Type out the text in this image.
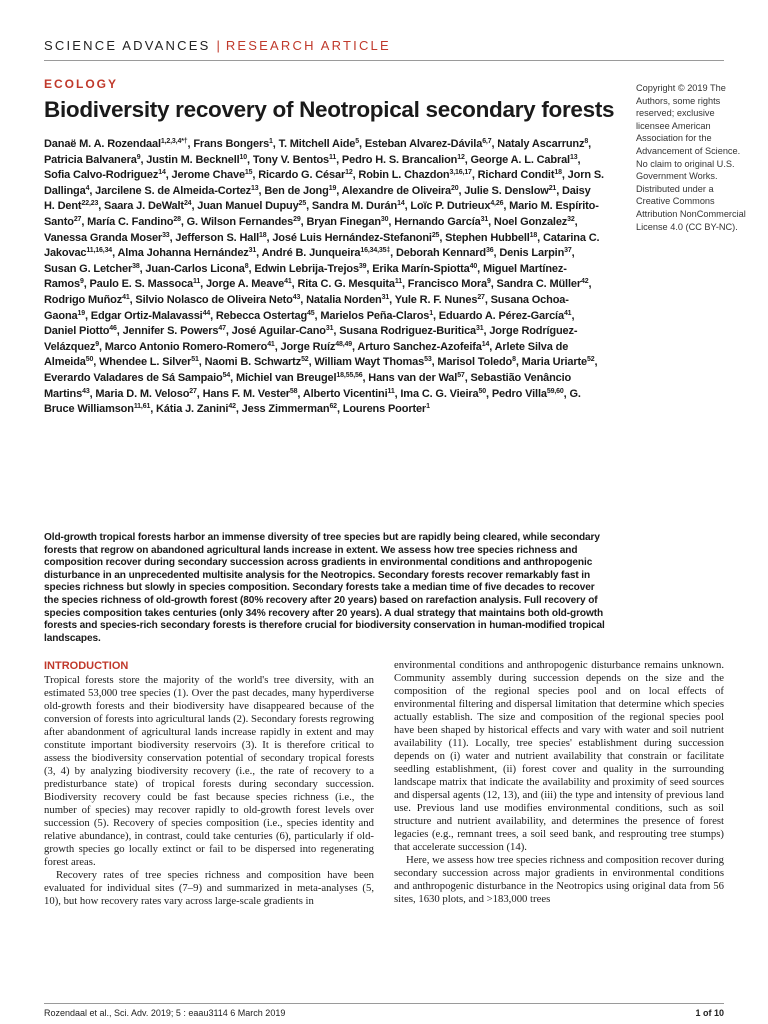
SCIENCE ADVANCES | RESEARCH ARTICLE
ECOLOGY
Biodiversity recovery of Neotropical secondary forests
Danaë M. A. Rozendaal$^{1,2,3,4*\dagger}$, Frans Bongers$^1$, T. Mitchell Aide$^5$, Esteban Alvarez-Dávila$^{6,7}$, Nataly Ascarrunz$^8$, Patricia Balvanera$^9$, Justin M. Becknell$^{10}$, Tony V. Bentos$^{11}$, Pedro H. S. Brancalion$^{12}$, George A. L. Cabral$^{13}$, Sofia Calvo-Rodriguez$^{14}$, Jerome Chave$^{15}$, Ricardo G. César$^{12}$, Robin L. Chazdon$^{3,16,17}$, Richard Condit$^{18}$, Jorn S. Dallinga$^4$, Jarcilene S. de Almeida-Cortez$^{13}$, Ben de Jong$^{19}$, Alexandre de Oliveira$^{20}$, Julie S. Denslow$^{21}$, Daisy H. Dent$^{22,23}$, Saara J. DeWalt$^{24}$, Juan Manuel Dupuy$^{25}$, Sandra M. Durán$^{14}$, Loïc P. Dutrieux$^{4,26}$, Mario M. Espírito-Santo$^{27}$, María C. Fandino$^{28}$, G. Wilson Fernandes$^{29}$, Bryan Finegan$^{30}$, Hernando García$^{31}$, Noel Gonzalez$^{32}$, Vanessa Granda Moser$^{33}$, Jefferson S. Hall$^{18}$, José Luis Hernández-Stefanoni$^{25}$, Stephen Hubbell$^{18}$, Catarina C. Jakovac$^{11,16,34}$, Alma Johanna Hernández$^{31}$, André B. Junqueira$^{16,34,35\ddagger}$, Deborah Kennard$^{36}$, Denis Larpin$^{37}$, Susan G. Letcher$^{38}$, Juan-Carlos Licona$^8$, Edwin Lebrija-Trejos$^{39}$, Erika Marín-Spiotta$^{40}$, Miguel Martínez-Ramos$^9$, Paulo E. S. Massoca$^{11}$, Jorge A. Meave$^{41}$, Rita C. G. Mesquita$^{11}$, Francisco Mora$^9$, Sandra C. Müller$^{42}$, Rodrigo Muñoz$^{41}$, Silvio Nolasco de Oliveira Neto$^{43}$, Natalia Norden$^{31}$, Yule R. F. Nunes$^{27}$, Susana Ochoa-Gaona$^{19}$, Edgar Ortiz-Malavassi$^{44}$, Rebecca Ostertag$^{45}$, Marielos Peña-Claros$^1$, Eduardo A. Pérez-García$^{41}$, Daniel Piotto$^{46}$, Jennifer S. Powers$^{47}$, José Aguilar-Cano$^{31}$, Susana Rodriguez-Buritica$^{31}$, Jorge Rodríguez-Velázquez$^9$, Marco Antonio Romero-Romero$^{41}$, Jorge Ruíz$^{48,49}$, Arturo Sanchez-Azofeifa$^{14}$, Arlete Silva de Almeida$^{50}$, Whendee L. Silver$^{51}$, Naomi B. Schwartz$^{52}$, William Wayt Thomas$^{53}$, Marisol Toledo$^8$, Maria Uriarte$^{52}$, Everardo Valadares de Sá Sampaio$^{54}$, Michiel van Breugel$^{18,55,56}$, Hans van der Wal$^{57}$, Sebastião Venâncio Martins$^{43}$, Maria D. M. Veloso$^{27}$, Hans F. M. Vester$^{58}$, Alberto Vicentini$^{11}$, Ima C. G. Vieira$^{50}$, Pedro Villa$^{59,60}$, G. Bruce Williamson$^{11,61}$, Kátia J. Zanini$^{42}$, Jess Zimmerman$^{62}$, Lourens Poorter$^1$
Copyright © 2019 The Authors, some rights reserved; exclusive licensee American Association for the Advancement of Science. No claim to original U.S. Government Works. Distributed under a Creative Commons Attribution NonCommercial License 4.0 (CC BY-NC).
Old-growth tropical forests harbor an immense diversity of tree species but are rapidly being cleared, while secondary forests that regrow on abandoned agricultural lands increase in extent. We assess how tree species richness and composition recover during secondary succession across gradients in environmental conditions and anthropogenic disturbance in an unprecedented multisite analysis for the Neotropics. Secondary forests recover remarkably fast in species richness but slowly in species composition. Secondary forests take a median time of five decades to recover the species richness of old-growth forest (80% recovery after 20 years) based on rarefaction analysis. Full recovery of species composition takes centuries (only 34% recovery after 20 years). A dual strategy that maintains both old-growth forests and species-rich secondary forests is therefore crucial for biodiversity conservation in human-modified tropical landscapes.
INTRODUCTION

Tropical forests store the majority of the world's tree diversity, with an estimated 53,000 tree species (1). Over the past decades, many hyperdiverse old-growth forests and their biodiversity have disappeared because of the conversion of forests into agricultural lands (2). Secondary forests regrowing after abandonment of agricultural lands increase rapidly in extent and may constitute important biodiversity reservoirs (3). It is therefore critical to assess the biodiversity conservation potential of secondary tropical forests (3, 4) by analyzing biodiversity recovery (i.e., the rate of recovery to a predisturbance state) of tropical forests during secondary succession. Biodiversity recovery could be fast because species richness (i.e., the number of species) may recover rapidly to old-growth forest levels over succession (5). Recovery of species composition (i.e., species identity and relative abundance), in contrast, could take centuries (6), particularly if old-growth species go locally extinct or fail to be dispersed into regenerating forest areas.

Recovery rates of tree species richness and composition have been evaluated for individual sites (7–9) and summarized in meta-analyses (5, 10), but how recovery rates vary across large-scale gradients in

environmental conditions and anthropogenic disturbance remains unknown. Community assembly during succession depends on the size and the composition of the regional species pool and on local effects of environmental filtering and dispersal limitation that determine which species actually establish. The size and composition of the regional species pool have been shaped by historical effects and vary with water and soil nutrient availability (11). Locally, tree species' establishment during succession depends on (i) water and nutrient availability that constrain or facilitate seedling establishment, (ii) forest cover and quality in the surrounding landscape matrix that indicate the availability and proximity of seed sources and dispersal agents (12, 13), and (iii) the type and intensity of previous land use. Previous land use modifies environmental conditions, such as soil structure and nutrient availability, and determines the presence of forest legacies (e.g., remnant trees, a soil seed bank, and resprouting tree stumps) that accelerate succession (14).

Here, we assess how tree species richness and composition recover during secondary succession across major gradients in environmental conditions and anthropogenic disturbance in the Neotropics using original data from 56 sites, 1630 plots, and >183,000 trees

Rozendaal et al., Sci. Adv. 2019; 5 : eaau3114 6 March 2019	1 of 10
